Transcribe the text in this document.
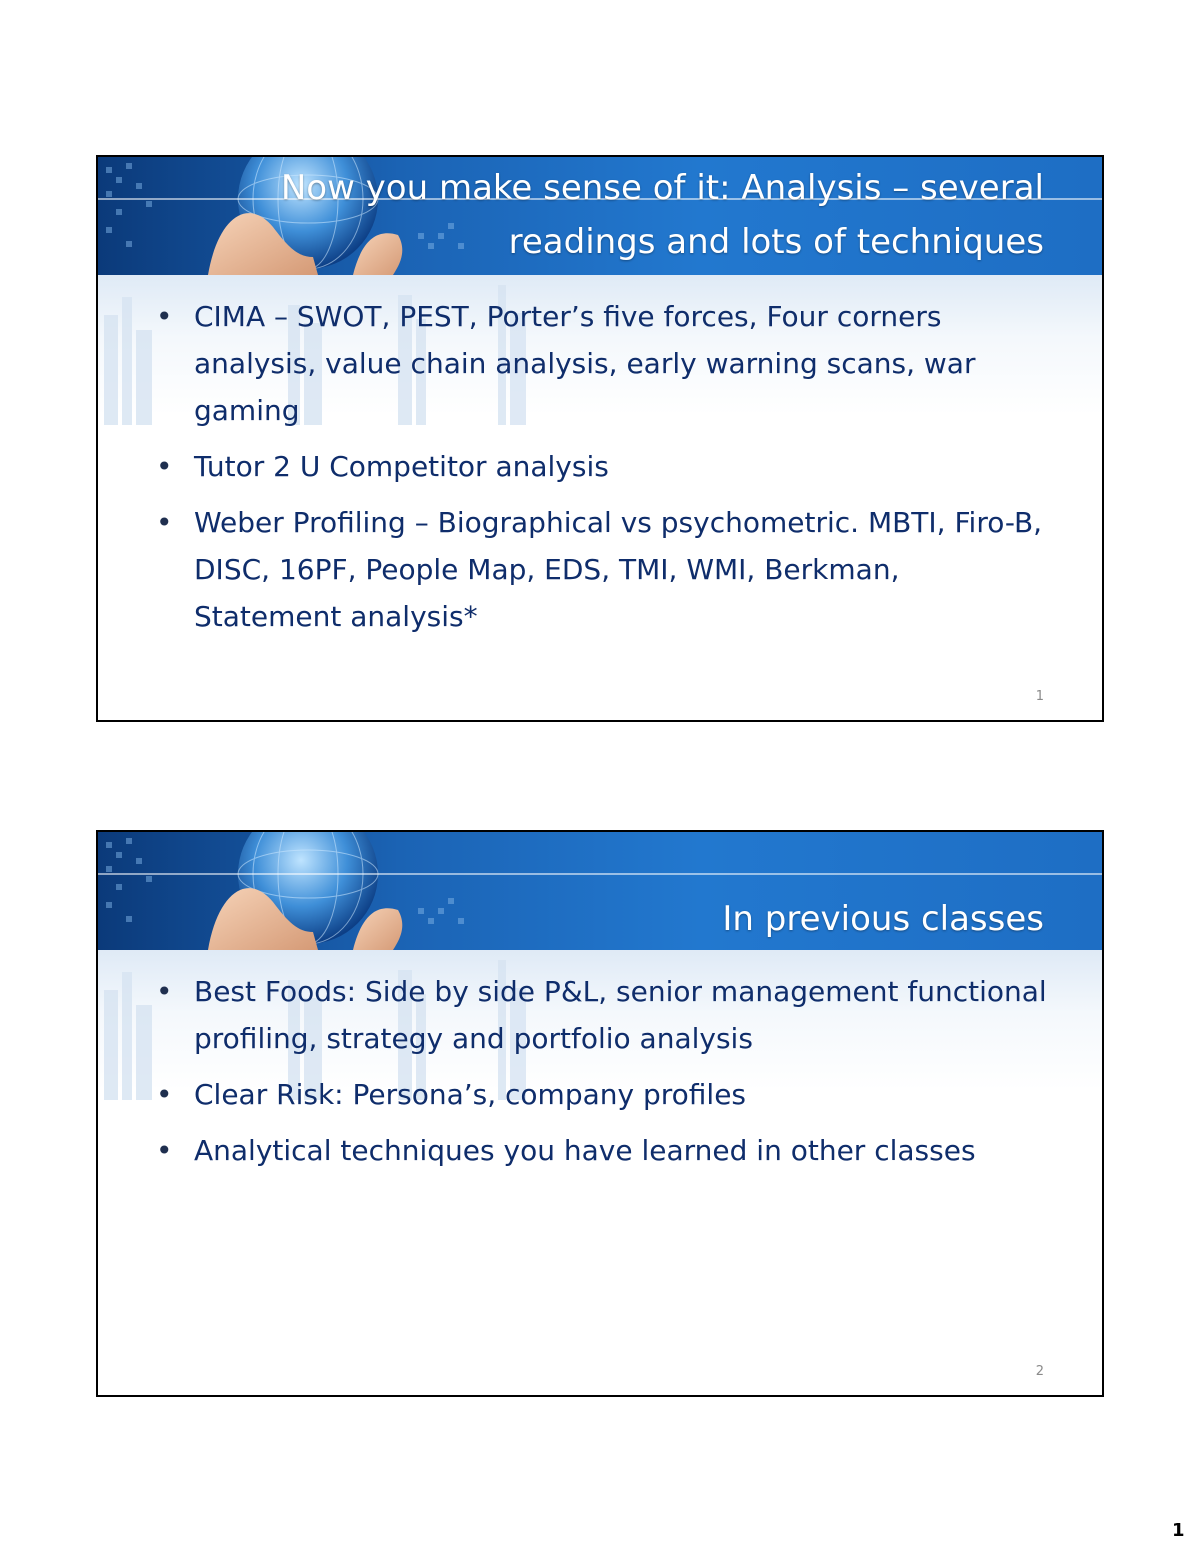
Now you make sense of it: Analysis – several
readings and lots of techniques
• CIMA – SWOT, PEST, Porter’s five forces, Four corners analysis, value chain analysis, early warning scans, war gaming
• Tutor 2 U Competitor analysis
• Weber Profiling – Biographical vs psychometric. MBTI, Firo-B, DISC, 16PF, People Map, EDS, TMI, WMI, Berkman, Statement analysis*
1
In previous classes
• Best Foods: Side by side P&L, senior management functional profiling, strategy and portfolio analysis
• Clear Risk: Persona’s, company profiles
• Analytical techniques you have learned in other classes
2
1
